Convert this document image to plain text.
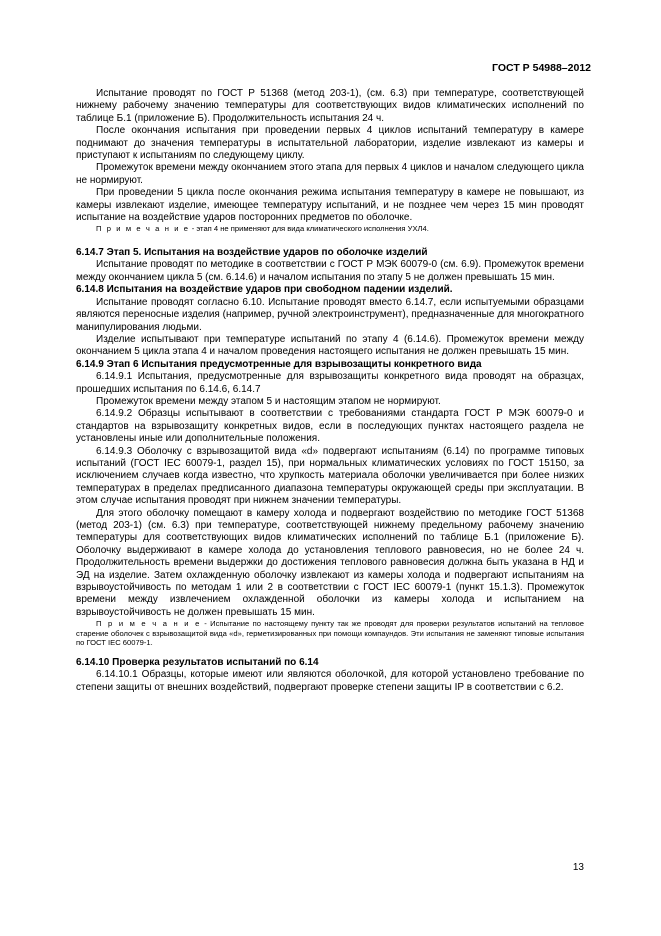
ГОСТ Р 54988–2012

Испытание проводят по ГОСТ Р 51368 (метод 203-1), (см. 6.3) при температуре, соответствующей нижнему рабочему значению температуры для соответствующих видов климатических исполнений по таблице Б.1 (приложение Б). Продолжительность испытания 24 ч.

После окончания испытания при проведении первых 4 циклов испытаний температуру в камере поднимают до значения температуры в испытательной лаборатории, изделие извлекают из камеры и приступают к испытаниям по следующему циклу.

Промежуток времени между окончанием этого этапа для первых 4 циклов и началом следующего цикла не нормируют.

При проведении 5 цикла после окончания режима испытания температуру в камере не повышают, из камеры извлекают изделие, имеющее температуру испытаний, и не позднее чем через 15 мин проводят испытание на воздействие ударов посторонних предметов по оболочке.

П р и м е ч а н и е - этап 4 не применяют для вида климатического исполнения УХЛ4.

6.14.7 Этап 5. Испытания на воздействие ударов по оболочке изделий

Испытание проводят по методике в соответствии с ГОСТ Р МЭК 60079-0 (см. 6.9). Промежуток времени между окончанием цикла 5 (см. 6.14.6) и началом испытания по этапу 5 не должен превышать 15 мин.

6.14.8 Испытания на воздействие ударов при свободном падении изделий.

Испытание проводят согласно 6.10. Испытание проводят вместо 6.14.7, если испытуемыми образцами являются переносные изделия (например, ручной электроинструмент), предназначенные для многократного манипулирования людьми.

Изделие испытывают при температуре испытаний по этапу 4 (6.14.6). Промежуток времени между окончанием 5 цикла этапа 4 и началом проведения настоящего испытания не должен превышать 15 мин.

6.14.9 Этап 6 Испытания предусмотренные для взрывозащиты конкретного вида

6.14.9.1 Испытания, предусмотренные для взрывозащиты конкретного вида проводят на образцах, прошедших испытания по 6.14.6, 6.14.7

Промежуток времени между этапом 5 и настоящим этапом не нормируют.

6.14.9.2 Образцы испытывают в соответствии с требованиями стандарта ГОСТ Р МЭК 60079-0 и стандартов на взрывозащиту конкретных видов, если в последующих пунктах настоящего раздела не установлены иные или дополнительные положения.

6.14.9.3 Оболочку с взрывозащитой вида «d» подвергают испытаниям (6.14) по программе типовых испытаний (ГОСТ IEC 60079-1, раздел 15), при нормальных климатических условиях по ГОСТ 15150, за исключением случаев когда известно, что хрупкость материала оболочки увеличивается при более низких температурах в пределах предписанного диапазона температуры окружающей среды при эксплуатации. В этом случае испытания проводят при нижнем значении температуры.

Для этого оболочку помещают в камеру холода и подвергают воздействию по методике ГОСТ 51368 (метод 203-1) (см. 6.3) при температуре, соответствующей нижнему предельному рабочему значению температуры для соответствующих видов климатических исполнений по таблице Б.1 (приложение Б). Оболочку выдерживают в камере холода до установления теплового равновесия, но не более 24 ч. Продолжительность времени выдержки до достижения теплового равновесия должна быть указана в НД и ЭД на изделие. Затем охлажденную оболочку извлекают из камеры холода и подвергают испытаниям на взрывоустойчивость по методам 1 или 2 в соответствии с ГОСТ IEC 60079-1 (пункт 15.1.3). Промежуток времени между извлечением охлажденной оболочки из камеры холода и испытанием на взрывоустойчивость не должен превышать 15 мин.

П р и м е ч а н и е - Испытание по настоящему пункту так же проводят для проверки результатов испытаний на тепловое старение оболочек с взрывозащитой вида «d», герметизированных при помощи компаундов. Эти испытания не заменяют типовые испытания по ГОСТ IEC 60079-1.

6.14.10 Проверка результатов испытаний по 6.14

6.14.10.1 Образцы, которые имеют или являются оболочкой, для которой установлено требование по степени защиты от внешних воздействий, подвергают проверке степени защиты IP в соответствии с 6.2.

13
